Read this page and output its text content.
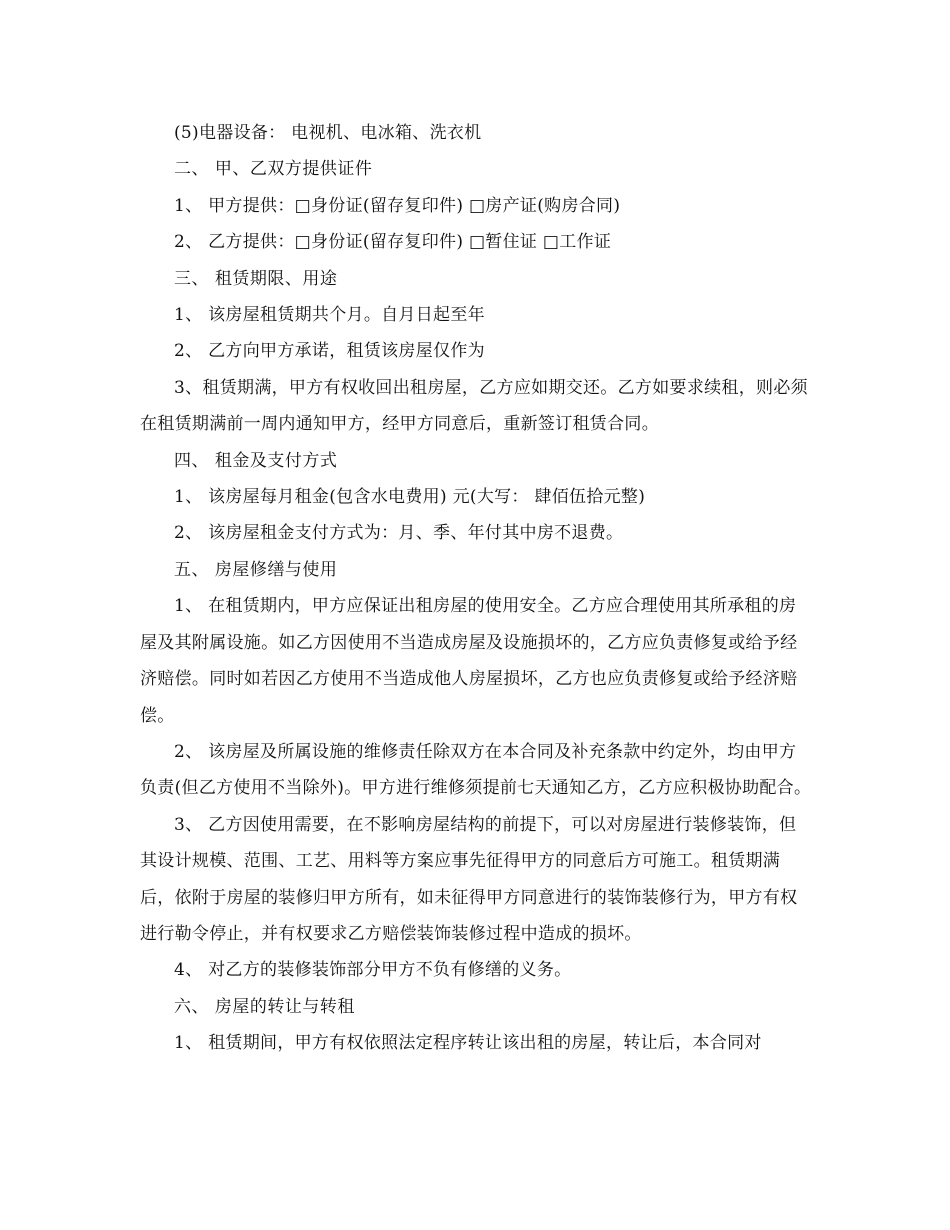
(5)电器设备： 电视机、电冰箱、洗衣机

二、 甲、乙双方提供证件

1、 甲方提供：□身份证(留存复印件) □房产证(购房合同)

2、 乙方提供：□身份证(留存复印件) □暂住证 □工作证

三、 租赁期限、用途

1、 该房屋租赁期共个月。自月日起至年

2、 乙方向甲方承诺，租赁该房屋仅作为

3、租赁期满，甲方有权收回出租房屋，乙方应如期交还。乙方如要求续租，则必须在租赁期满前一周内通知甲方，经甲方同意后，重新签订租赁合同。

四、 租金及支付方式

1、 该房屋每月租金(包含水电费用) 元(大写： 肆佰伍拾元整)

2、 该房屋租金支付方式为：月、季、年付其中房不退费。

五、 房屋修缮与使用

1、 在租赁期内，甲方应保证出租房屋的使用安全。乙方应合理使用其所承租的房屋及其附属设施。如乙方因使用不当造成房屋及设施损坏的，乙方应负责修复或给予经济赔偿。同时如若因乙方使用不当造成他人房屋损坏，乙方也应负责修复或给予经济赔偿。

2、 该房屋及所属设施的维修责任除双方在本合同及补充条款中约定外，均由甲方负责(但乙方使用不当除外)。甲方进行维修须提前七天通知乙方，乙方应积极协助配合。

3、 乙方因使用需要，在不影响房屋结构的前提下，可以对房屋进行装修装饰，但其设计规模、范围、工艺、用料等方案应事先征得甲方的同意后方可施工。租赁期满后，依附于房屋的装修归甲方所有，如未征得甲方同意进行的装饰装修行为，甲方有权进行勒令停止，并有权要求乙方赔偿装饰装修过程中造成的损坏。

4、 对乙方的装修装饰部分甲方不负有修缮的义务。

六、 房屋的转让与转租

1、 租赁期间，甲方有权依照法定程序转让该出租的房屋，转让后，本合同对
